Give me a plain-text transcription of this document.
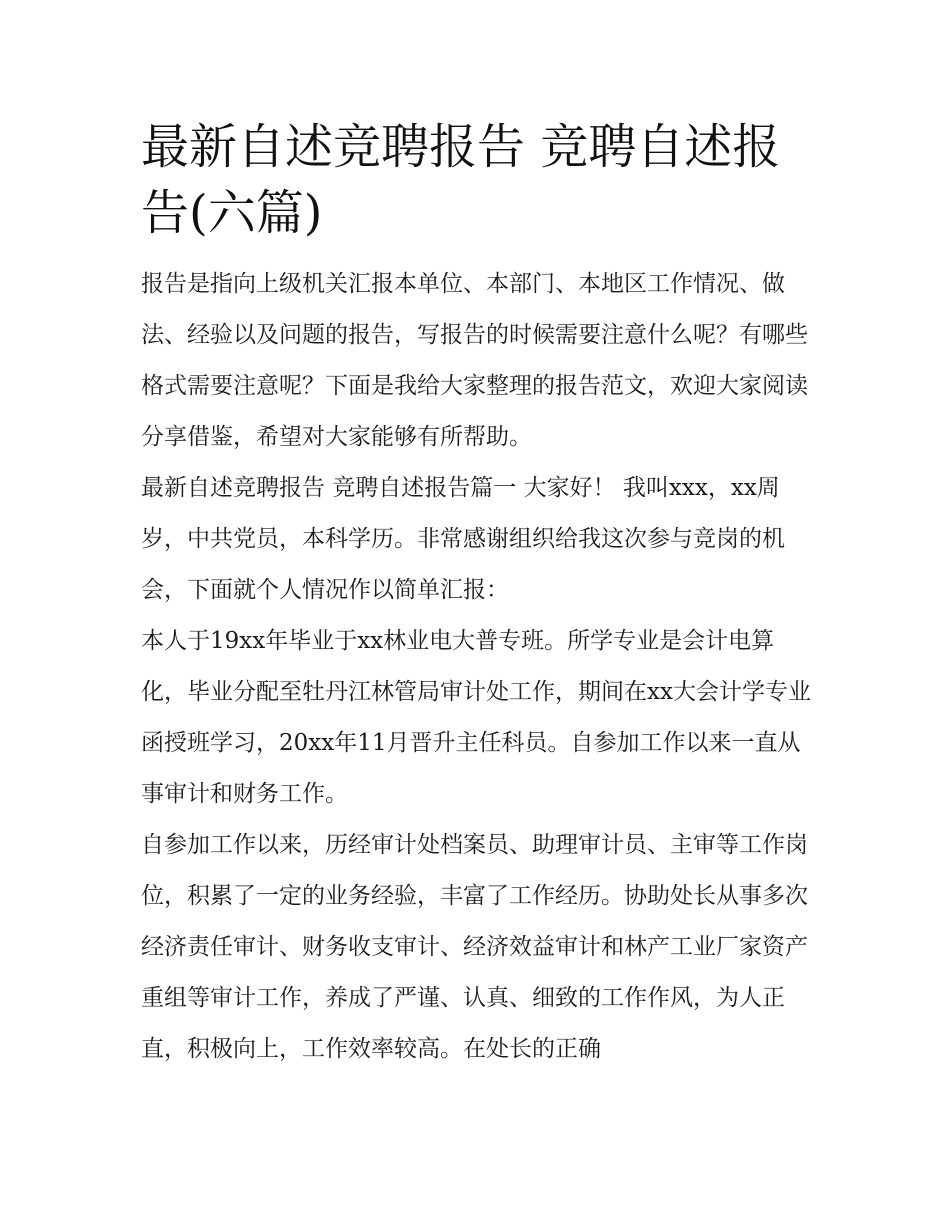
最新自述竞聘报告 竞聘自述报告(六篇)

报告是指向上级机关汇报本单位、本部门、本地区工作情况、做法、经验以及问题的报告，写报告的时候需要注意什么呢？有哪些格式需要注意呢？下面是我给大家整理的报告范文，欢迎大家阅读分享借鉴，希望对大家能够有所帮助。

最新自述竞聘报告 竞聘自述报告篇一 大家好！ 我叫xxx，xx周岁，中共党员，本科学历。非常感谢组织给我这次参与竞岗的机会，下面就个人情况作以简单汇报：

本人于19xx年毕业于xx林业电大普专班。所学专业是会计电算化，毕业分配至牡丹江林管局审计处工作，期间在xx大会计学专业函授班学习，20xx年11月晋升主任科员。自参加工作以来一直从事审计和财务工作。

自参加工作以来，历经审计处档案员、助理审计员、主审等工作岗位，积累了一定的业务经验，丰富了工作经历。协助处长从事多次经济责任审计、财务收支审计、经济效益审计和林产工业厂家资产重组等审计工作，养成了严谨、认真、细致的工作作风，为人正直，积极向上，工作效率较高。在处长的正确
